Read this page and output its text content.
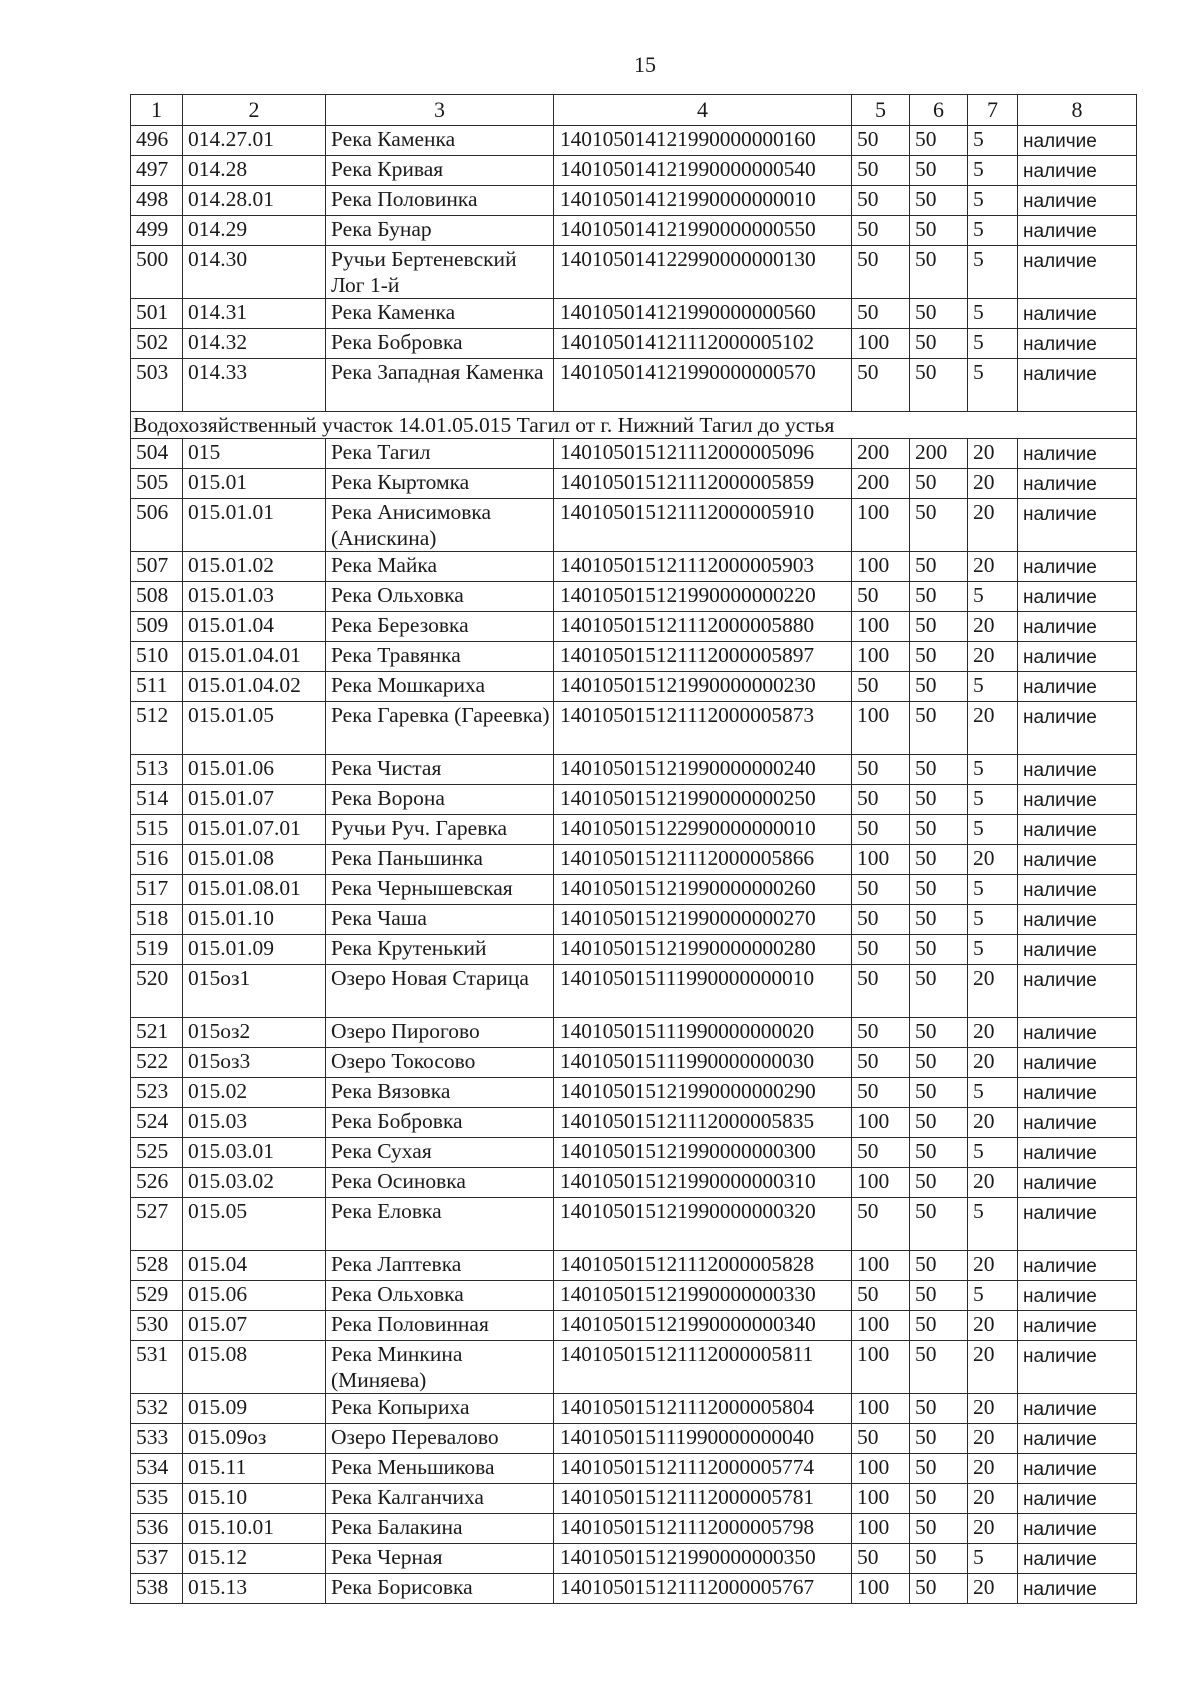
15
1	2	3	4	5	6	7	8
496	014.27.01	Река Каменка	140105014121990000000160	50	50	5	наличие
497	014.28	Река Кривая	140105014121990000000540	50	50	5	наличие
498	014.28.01	Река Половинка	140105014121990000000010	50	50	5	наличие
499	014.29	Река Бунар	140105014121990000000550	50	50	5	наличие
500	014.30	Ручьи Бертеневский Лог 1-й	140105014122990000000130	50	50	5	наличие
501	014.31	Река Каменка	140105014121990000000560	50	50	5	наличие
502	014.32	Река Бобровка	140105014121112000005102	100	50	5	наличие
503	014.33	Река Западная Каменка	140105014121990000000570	50	50	5	наличие
Водохозяйственный участок 14.01.05.015 Тагил от г. Нижний Тагил до устья							
504	015	Река Тагил	140105015121112000005096	200	200	20	наличие
505	015.01	Река Кыртомка	140105015121112000005859	200	50	20	наличие
506	015.01.01	Река Анисимовка (Анискина)	140105015121112000005910	100	50	20	наличие
507	015.01.02	Река Майка	140105015121112000005903	100	50	20	наличие
508	015.01.03	Река Ольховка	140105015121990000000220	50	50	5	наличие
509	015.01.04	Река Березовка	140105015121112000005880	100	50	20	наличие
510	015.01.04.01	Река Травянка	140105015121112000005897	100	50	20	наличие
511	015.01.04.02	Река Мошкариха	140105015121990000000230	50	50	5	наличие
512	015.01.05	Река Гаревка (Гареевка)	140105015121112000005873	100	50	20	наличие
513	015.01.06	Река Чистая	140105015121990000000240	50	50	5	наличие
514	015.01.07	Река Ворона	140105015121990000000250	50	50	5	наличие
515	015.01.07.01	Ручьи Руч. Гаревка	140105015122990000000010	50	50	5	наличие
516	015.01.08	Река Паньшинка	140105015121112000005866	100	50	20	наличие
517	015.01.08.01	Река Чернышевская	140105015121990000000260	50	50	5	наличие
518	015.01.10	Река Чаша	140105015121990000000270	50	50	5	наличие
519	015.01.09	Река Крутенький	140105015121990000000280	50	50	5	наличие
520	015оз1	Озеро Новая Старица	140105015111990000000010	50	50	20	наличие
521	015оз2	Озеро Пирогово	140105015111990000000020	50	50	20	наличие
522	015оз3	Озеро Токосово	140105015111990000000030	50	50	20	наличие
523	015.02	Река Вязовка	140105015121990000000290	50	50	5	наличие
524	015.03	Река Бобровка	140105015121112000005835	100	50	20	наличие
525	015.03.01	Река Сухая	140105015121990000000300	50	50	5	наличие
526	015.03.02	Река Осиновка	140105015121990000000310	100	50	20	наличие
527	015.05	Река Еловка	140105015121990000000320	50	50	5	наличие
528	015.04	Река Лаптевка	140105015121112000005828	100	50	20	наличие
529	015.06	Река Ольховка	140105015121990000000330	50	50	5	наличие
530	015.07	Река Половинная	140105015121990000000340	100	50	20	наличие
531	015.08	Река Минкина (Миняева)	140105015121112000005811	100	50	20	наличие
532	015.09	Река Копыриха	140105015121112000005804	100	50	20	наличие
533	015.09оз	Озеро Перевалово	140105015111990000000040	50	50	20	наличие
534	015.11	Река Меньшикова	140105015121112000005774	100	50	20	наличие
535	015.10	Река Калганчиха	140105015121112000005781	100	50	20	наличие
536	015.10.01	Река Балакина	140105015121112000005798	100	50	20	наличие
537	015.12	Река Черная	140105015121990000000350	50	50	5	наличие
538	015.13	Река Борисовка	140105015121112000005767	100	50	20	наличие
